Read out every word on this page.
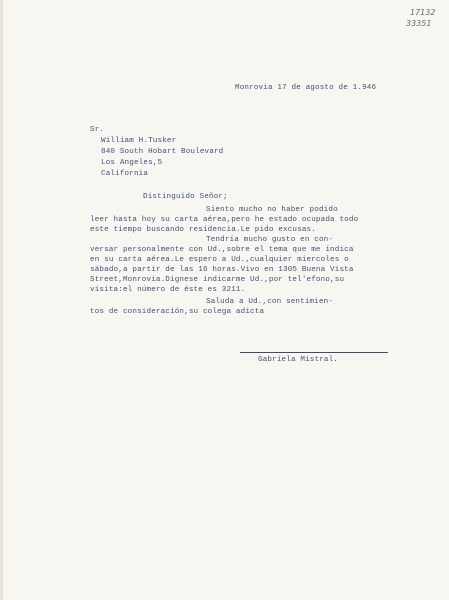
17132
33351
Monrovia 17 de agosto de 1.946
Sr.
William H.Tusker
840 South Hobart Boulevard
Los Angeles,5
California
Distinguido Señor;
Siento mucho no haber podido
leer hasta hoy su carta aérea,pero he estado ocupada todo
este tiempo buscando residencia.Le pido excusas.
Tendría mucho gusto en con-
versar personalmente con Ud.,sobre el tema que me indica
en su carta aérea.Le espero a Ud.,cualquier miercoles o
sábado,a partir de las 16 horas.Vivo en 1305 Buena Vista
Street,Monrovia.Dignese indicarme Ud.,por tel'efono,su
visita:el número de éste es 3211.
Saluda a Ud.,con sentimien-
tos de consideración,su colega adicta
Gabriela Mistral.
